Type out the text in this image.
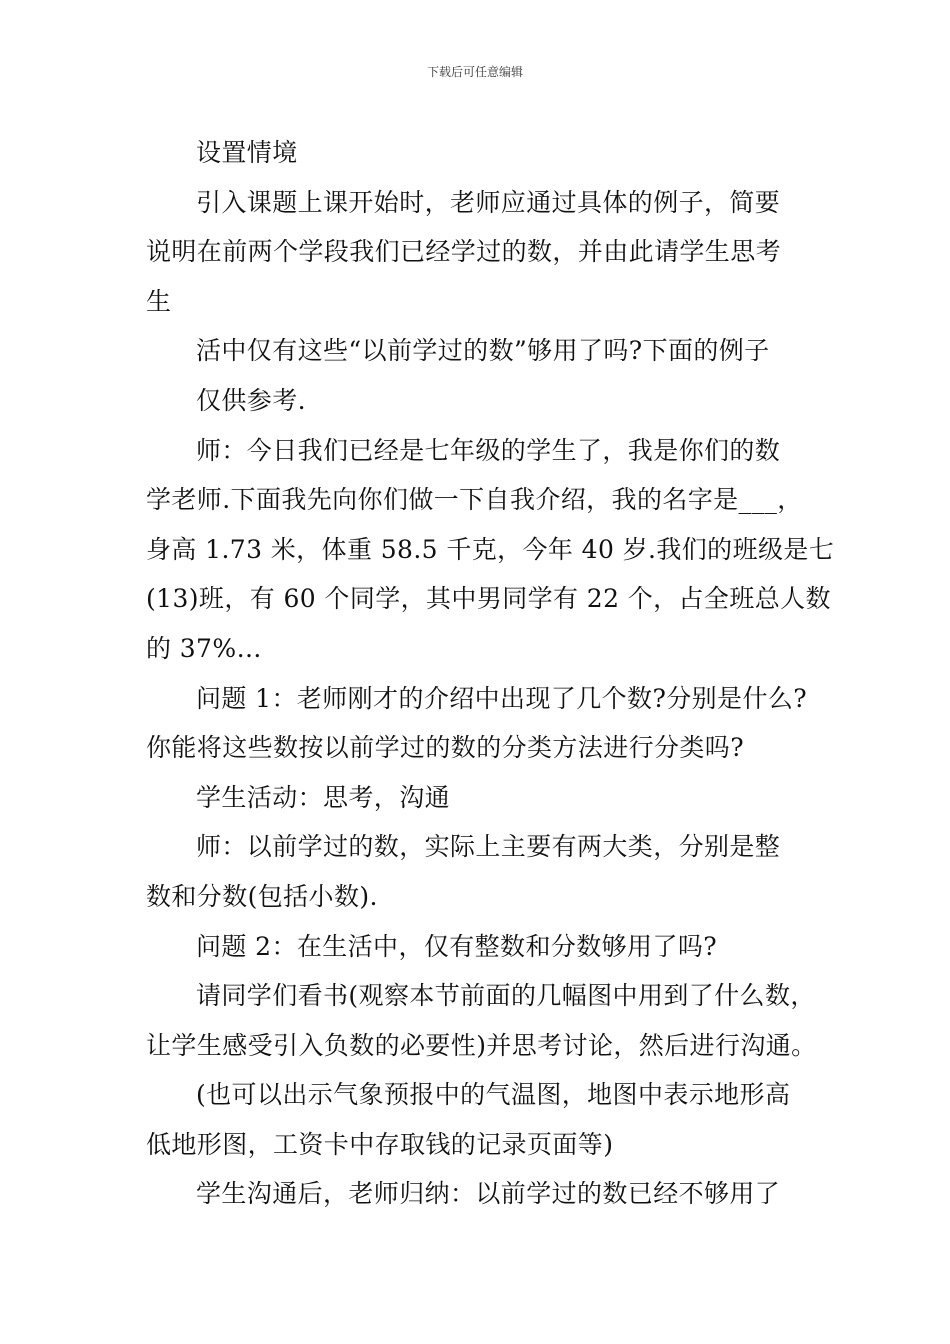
下载后可任意编辑
设置情境
引入课题上课开始时，老师应通过具体的例子，简要
说明在前两个学段我们已经学过的数，并由此请学生思考
生
活中仅有这些“以前学过的数”够用了吗?下面的例子
仅供参考.
师：今日我们已经是七年级的学生了，我是你们的数
学老师.下面我先向你们做一下自我介绍，我的名字是___，
身高 1.73 米，体重 58.5 千克，今年 40 岁.我们的班级是七
(13)班，有 60 个同学，其中男同学有 22 个，占全班总人数
的 37%…
问题 1：老师刚才的介绍中出现了几个数?分别是什么?
你能将这些数按以前学过的数的分类方法进行分类吗?
学生活动：思考，沟通
师：以前学过的数，实际上主要有两大类，分别是整
数和分数(包括小数).
问题 2：在生活中，仅有整数和分数够用了吗?
请同学们看书(观察本节前面的几幅图中用到了什么数，
让学生感受引入负数的必要性)并思考讨论，然后进行沟通。
(也可以出示气象预报中的气温图，地图中表示地形高
低地形图，工资卡中存取钱的记录页面等)
学生沟通后，老师归纳：以前学过的数已经不够用了
